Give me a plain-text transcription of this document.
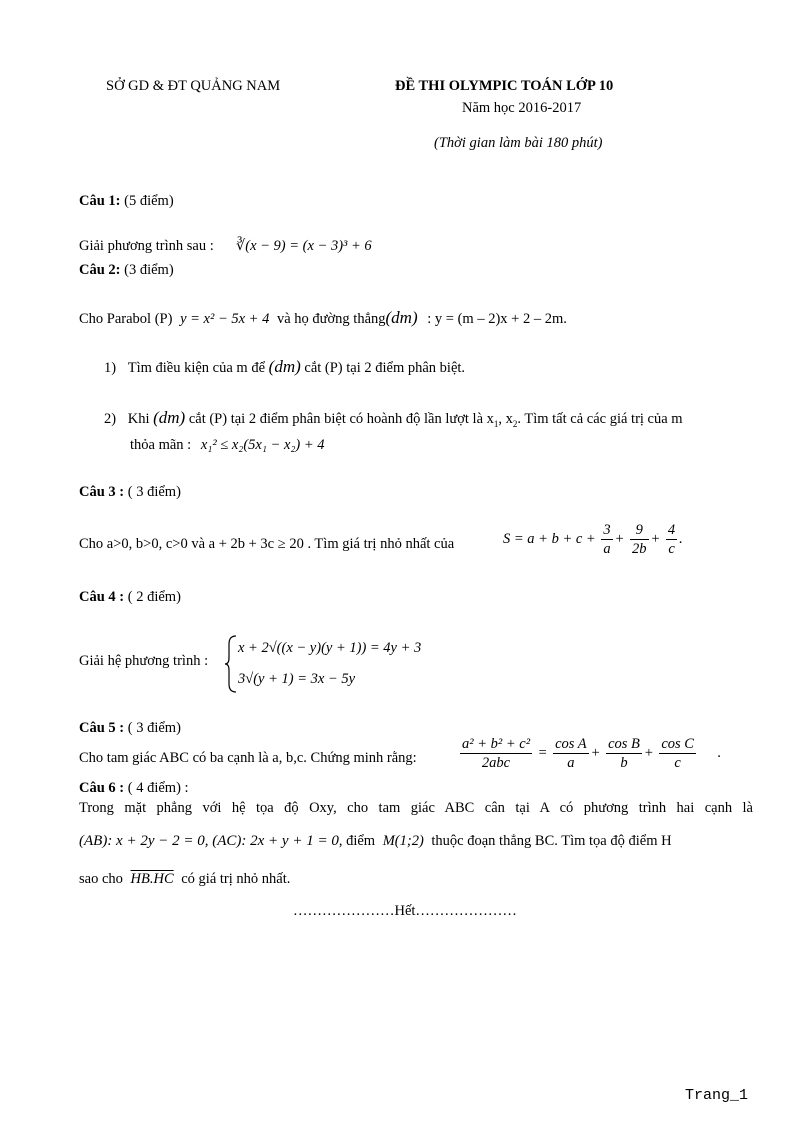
SỞ GD & ĐT QUẢNG NAM	ĐỀ THI OLYMPIC TOÁN LỚP 10
Năm học 2016-2017
(Thời gian làm bài 180 phút)
Câu 1: (5 điểm)
Giải phương trình sau : ∛(x − 9) = (x − 3)³ + 6
Câu 2: (3 điểm)
Cho Parabol (P) y = x² − 5x + 4 và họ đường thẳng(dm) : y = (m – 2)x + 2 – 2m.
1) Tìm điều kiện của m để (dm) cắt (P) tại 2 điểm phân biệt.
2) Khi (dm) cắt (P) tại 2 điểm phân biệt có hoành độ lần lượt là $x_1$, $x_2$. Tìm tất cả các giá trị của m
thỏa mãn : x₁² ≤ x₂(5x₁ − x₂) + 4
Câu 3 : ( 3 điểm)
Cho a>0, b>0, c>0 và a + 2b + 3c ≥ 20 . Tìm giá trị nhỏ nhất của	$S = a + b + c + \frac{3}{a} + \frac{9}{2b} + \frac{4}{c}$ .
Câu 4 : ( 2 điểm)
Giải hệ phương trình :
x + 2√((x − y)(y + 1)) = 4y + 3
3√(y + 1) = 3x − 5y
Câu 5 : ( 3 điểm)
Cho tam giác ABC có ba cạnh là a, b,c. Chứng minh rằng:	$\frac{\text{a² + b² + c²}}{\text{2abc}} = \frac{\text{cos A}}{a} + \frac{\text{cos B}}{b} + \frac{\text{cos C}}{c}$ .
Câu 6 : ( 4 điểm) :
Trong mặt phẳng với hệ tọa độ Oxy, cho tam giác ABC cân tại A có phương trình hai cạnh là
(AB): x + 2y − 2 = 0, (AC): 2x + y + 1 = 0, điểm M(1;2) thuộc đoạn thẳng BC. Tìm tọa độ điểm H
sao cho HB.HC có giá trị nhỏ nhất.
…………………Hết…………………
Trang_1
